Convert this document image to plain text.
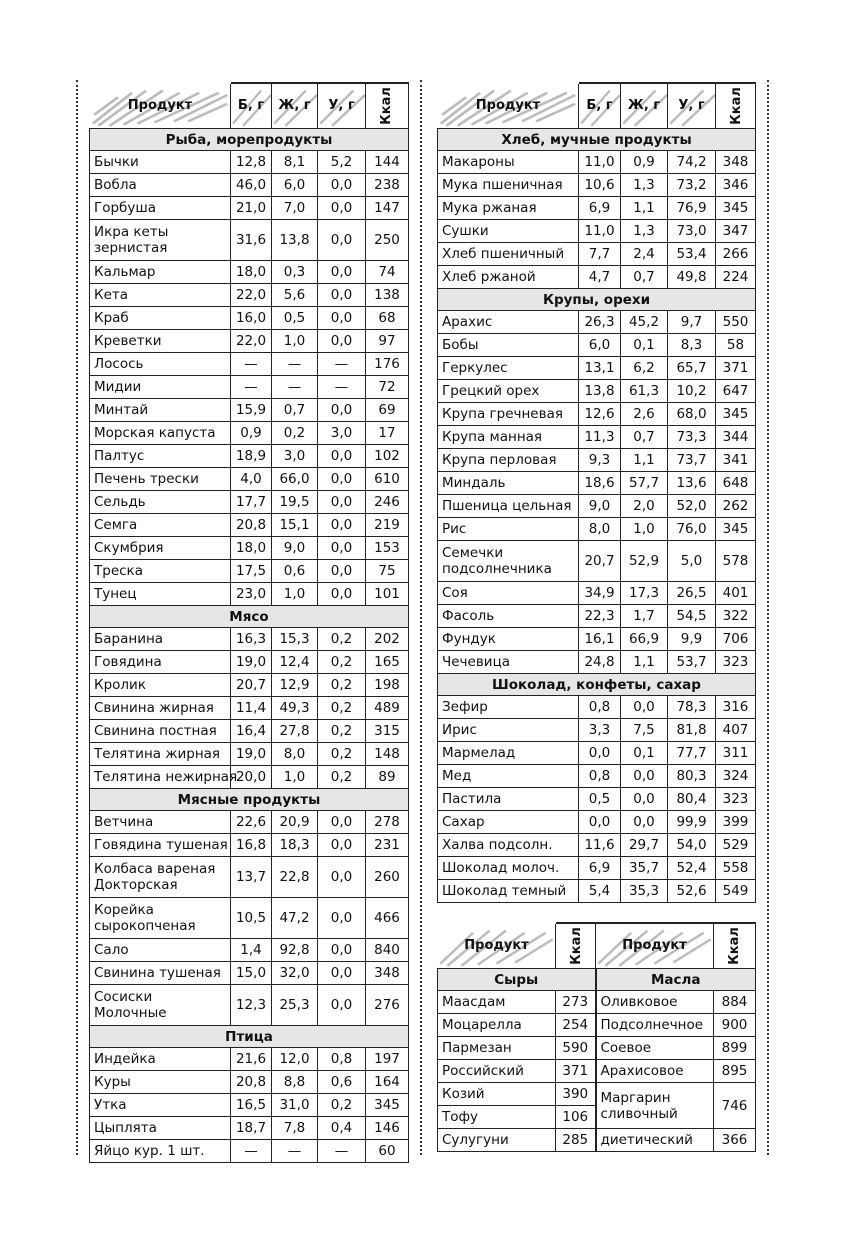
Продукт	Б, г	Ж, г	У, г	Ккал
Рыба, морепродукты				
Бычки	12,8	8,1	5,2	144
Вобла	46,0	6,0	0,0	238
Горбуша	21,0	7,0	0,0	147
Икра кеты зернистая	31,6	13,8	0,0	250
Кальмар	18,0	0,3	0,0	74
Кета	22,0	5,6	0,0	138
Краб	16,0	0,5	0,0	68
Креветки	22,0	1,0	0,0	97
Лосось	—	—	—	176
Мидии	—	—	—	72
Минтай	15,9	0,7	0,0	69
Морская капуста	0,9	0,2	3,0	17
Палтус	18,9	3,0	0,0	102
Печень трески	4,0	66,0	0,0	610
Сельдь	17,7	19,5	0,0	246
Семга	20,8	15,1	0,0	219
Скумбрия	18,0	9,0	0,0	153
Треска	17,5	0,6	0,0	75
Тунец	23,0	1,0	0,0	101
Мясо				
Баранина	16,3	15,3	0,2	202
Говядина	19,0	12,4	0,2	165
Кролик	20,7	12,9	0,2	198
Свинина жирная	11,4	49,3	0,2	489
Свинина постная	16,4	27,8	0,2	315
Телятина жирная	19,0	8,0	0,2	148
Телятина нежирная	20,0	1,0	0,2	89
Мясные продукты				
Ветчина	22,6	20,9	0,0	278
Говядина тушеная	16,8	18,3	0,0	231
Колбаса вареная Докторская	13,7	22,8	0,0	260
Корейка сырокопченая	10,5	47,2	0,0	466
Сало	1,4	92,8	0,0	840
Свинина тушеная	15,0	32,0	0,0	348
Сосиски Молочные	12,3	25,3	0,0	276
Птица				
Индейка	21,6	12,0	0,8	197
Куры	20,8	8,8	0,6	164
Утка	16,5	31,0	0,2	345
Цыплята	18,7	7,8	0,4	146
Яйцо кур. 1 шт.	—	—	—	60
Продукт	Б, г	Ж, г	У, г	Ккал
Хлеб, мучные продукты				
Макароны	11,0	0,9	74,2	348
Мука пшеничная	10,6	1,3	73,2	346
Мука ржаная	6,9	1,1	76,9	345
Сушки	11,0	1,3	73,0	347
Хлеб пшеничный	7,7	2,4	53,4	266
Хлеб ржаной	4,7	0,7	49,8	224
Крупы, орехи				
Арахис	26,3	45,2	9,7	550
Бобы	6,0	0,1	8,3	58
Геркулес	13,1	6,2	65,7	371
Грецкий орех	13,8	61,3	10,2	647
Крупа гречневая	12,6	2,6	68,0	345
Крупа манная	11,3	0,7	73,3	344
Крупа перловая	9,3	1,1	73,7	341
Миндаль	18,6	57,7	13,6	648
Пшеница цельная	9,0	2,0	52,0	262
Рис	8,0	1,0	76,0	345
Семечки подсолнечника	20,7	52,9	5,0	578
Соя	34,9	17,3	26,5	401
Фасоль	22,3	1,7	54,5	322
Фундук	16,1	66,9	9,9	706
Чечевица	24,8	1,1	53,7	323
Шоколад, конфеты, сахар				
Зефир	0,8	0,0	78,3	316
Ирис	3,3	7,5	81,8	407
Мармелад	0,0	0,1	77,7	311
Мед	0,8	0,0	80,3	324
Пастила	0,5	0,0	80,4	323
Сахар	0,0	0,0	99,9	399
Халва подсолн.	11,6	29,7	54,0	529
Шоколад молоч.	6,9	35,7	52,4	558
Шоколад темный	5,4	35,3	52,6	549
Продукт	Ккал	Продукт	Ккал
Сыры		Масла	
Маасдам	273	Оливковое	884
Моцарелла	254	Подсолнечное	900
Пармезан	590	Соевое	899
Российский	371	Арахисовое	895
Козий	390	Маргарин сливочный	746
Тофу	106		
Сулугуни	285	диетический	366
